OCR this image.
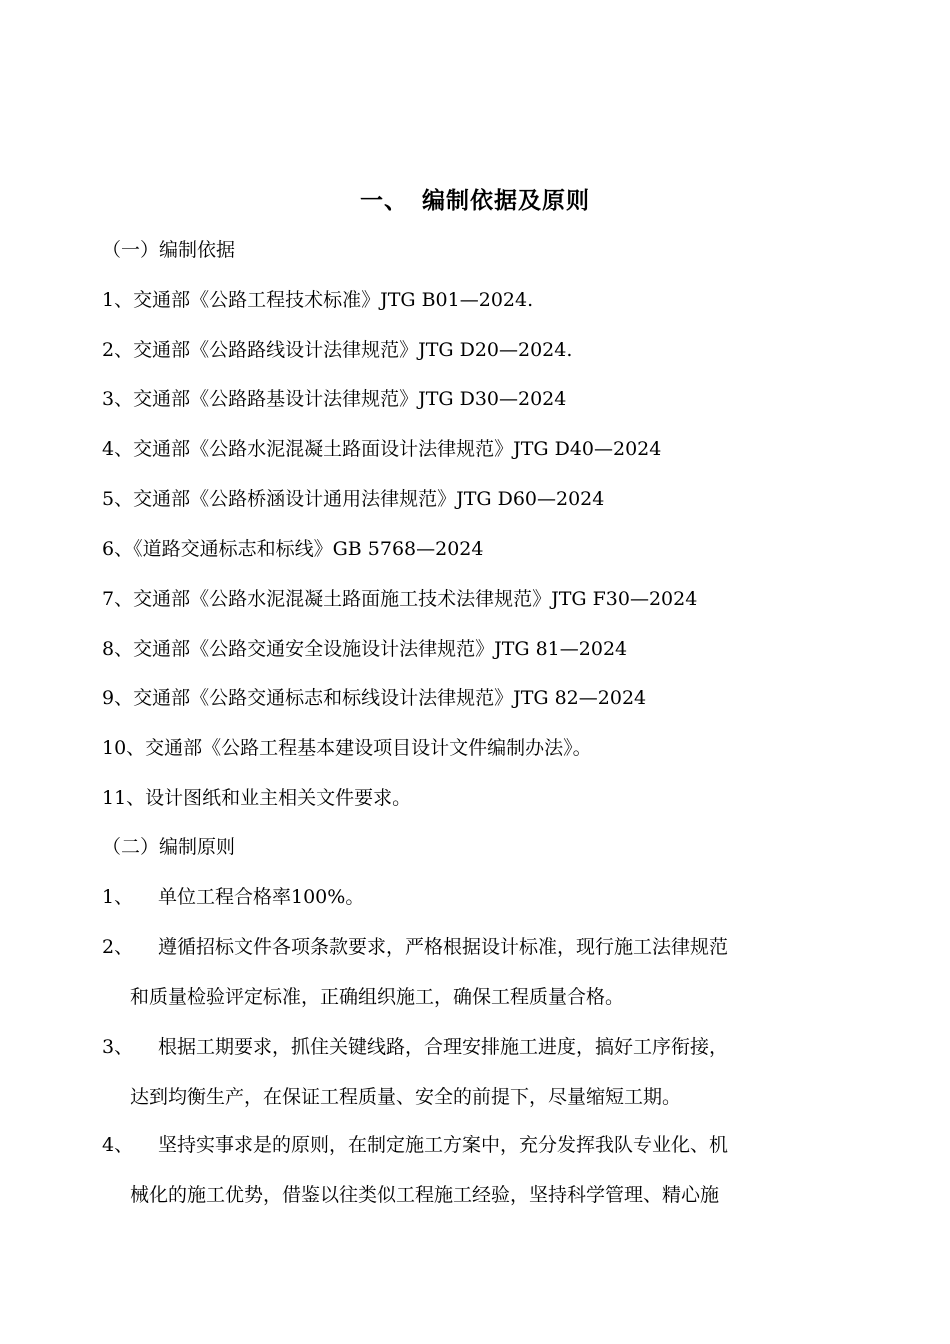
一、 编制依据及原则
（一）编制依据
1、交通部《公路工程技术标准》JTG B01—2024.
2、交通部《公路路线设计法律规范》JTG D20—2024.
3、交通部《公路路基设计法律规范》JTG D30—2024
4、交通部《公路水泥混凝土路面设计法律规范》JTG D40—2024
5、交通部《公路桥涵设计通用法律规范》JTG D60—2024
6、《道路交通标志和标线》GB 5768—2024
7、交通部《公路水泥混凝土路面施工技术法律规范》JTG F30—2024
8、交通部《公路交通安全设施设计法律规范》JTG 81—2024
9、交通部《公路交通标志和标线设计法律规范》JTG 82—2024
10、交通部《公路工程基本建设项目设计文件编制办法》。
11、设计图纸和业主相关文件要求。
（二）编制原则
1、 单位工程合格率100%。
2、 遵循招标文件各项条款要求，严格根据设计标准，现行施工法律规范
和质量检验评定标准，正确组织施工，确保工程质量合格。
3、 根据工期要求，抓住关键线路，合理安排施工进度，搞好工序衔接，
达到均衡生产，在保证工程质量、安全的前提下，尽量缩短工期。
4、 坚持实事求是的原则，在制定施工方案中，充分发挥我队专业化、机
械化的施工优势，借鉴以往类似工程施工经验，坚持科学管理、精心施
